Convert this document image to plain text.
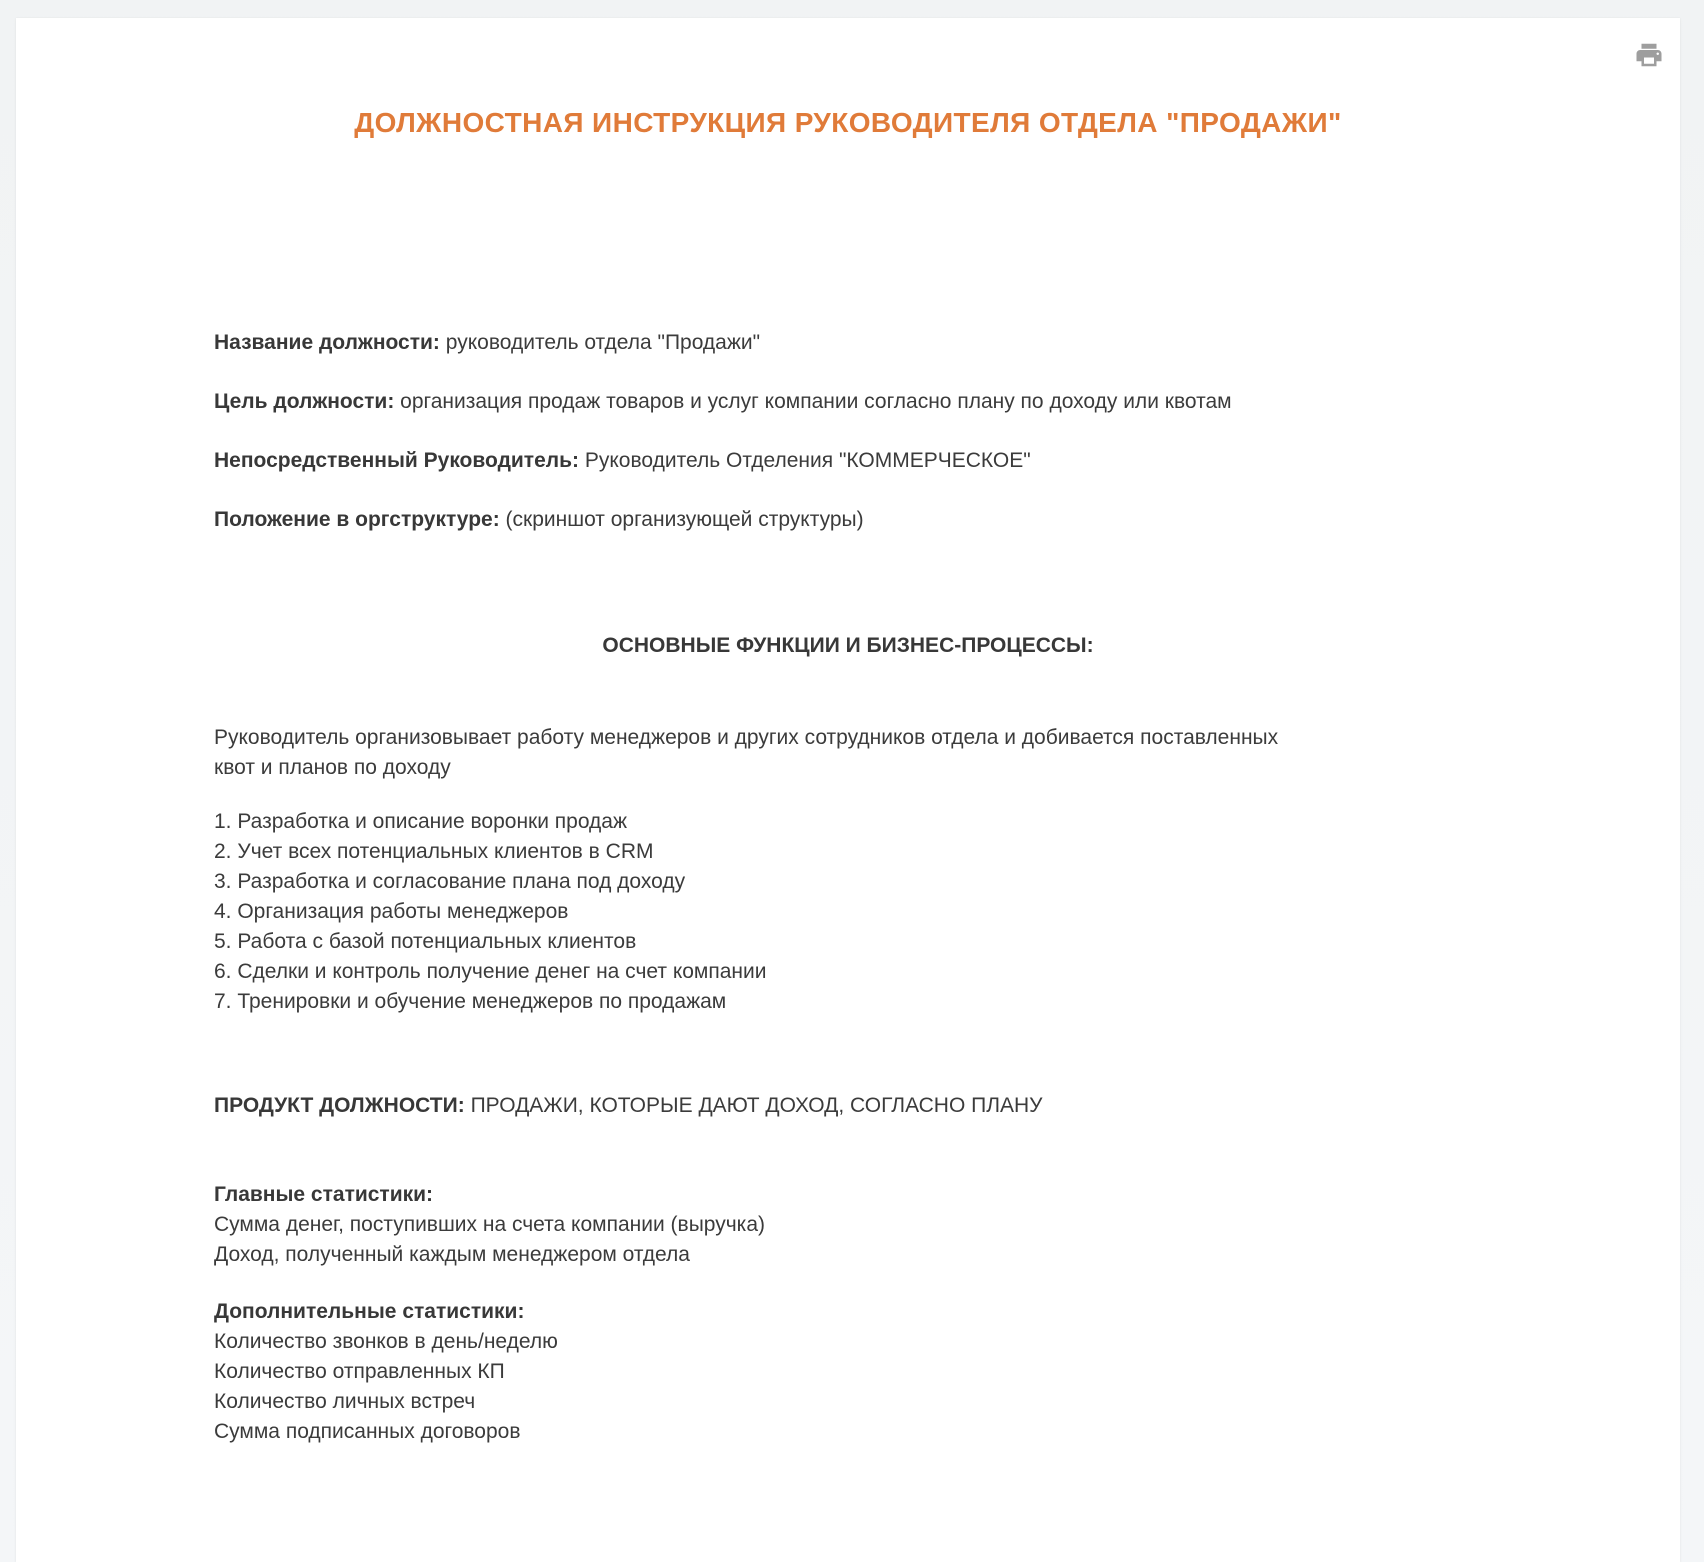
ДОЛЖНОСТНАЯ ИНСТРУКЦИЯ РУКОВОДИТЕЛЯ ОТДЕЛА "ПРОДАЖИ"

Название должности: руководитель отдела "Продажи"

Цель должности: организация продаж товаров и услуг компании согласно плану по доходу или квотам

Непосредственный Руководитель: Руководитель Отделения "КОММЕРЧЕСКОЕ"

Положение в оргструктуре: (скриншот организующей структуры)

ОСНОВНЫЕ ФУНКЦИИ И БИЗНЕС-ПРОЦЕССЫ:
Руководитель организовывает работу менеджеров и других сотрудников отдела и добивается поставленных
квот и планов по доходу
1. Разработка и описание воронки продаж
2. Учет всех потенциальных клиентов в CRM
3. Разработка и согласование плана под доходу
4. Организация работы менеджеров
5. Работа с базой потенциальных клиентов
6. Сделки и контроль получение денег на счет компании
7. Тренировки и обучение менеджеров по продажам

ПРОДУКТ ДОЛЖНОСТИ: ПРОДАЖИ, КОТОРЫЕ ДАЮТ ДОХОД, СОГЛАСНО ПЛАНУ

Главные статистики:
Сумма денег, поступивших на счета компании (выручка)
Доход, полученный каждым менеджером отдела
Дополнительные статистики:
Количество звонков в день/неделю
Количество отправленных КП
Количество личных встреч
Сумма подписанных договоров
